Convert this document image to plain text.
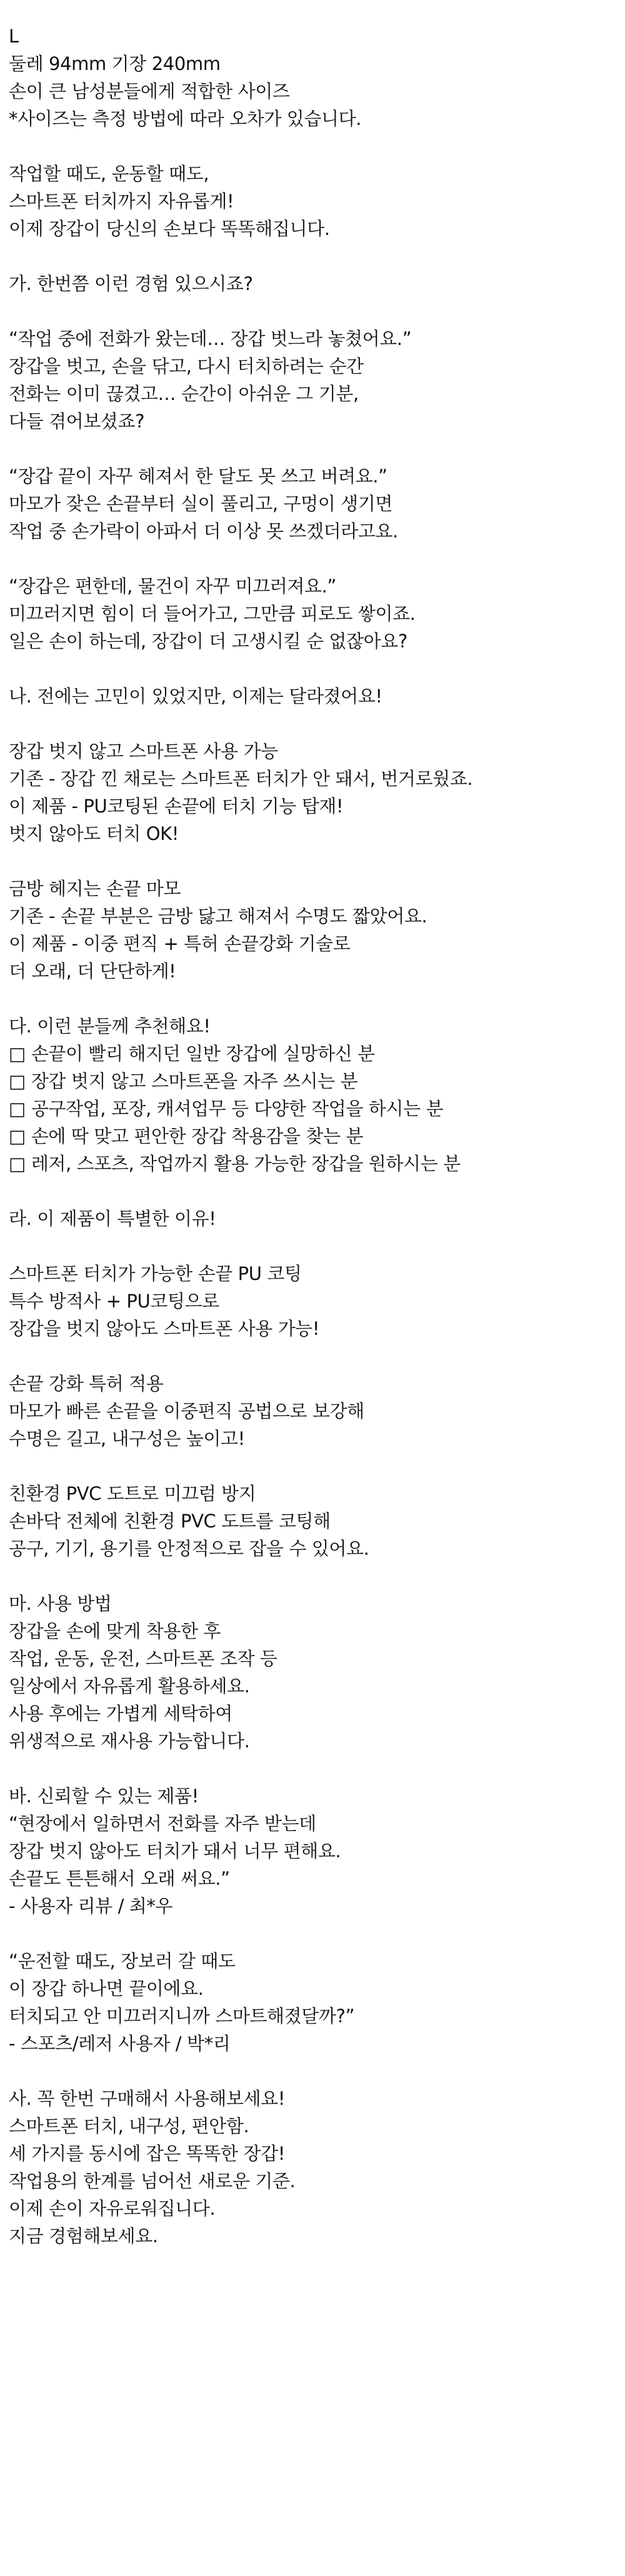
L
둘레 94mm 기장 240mm
손이 큰 남성분들에게 적합한 사이즈
*사이즈는 측정 방법에 따라 오차가 있습니다.
작업할 때도, 운동할 때도,
스마트폰 터치까지 자유롭게!
이제 장갑이 당신의 손보다 똑똑해집니다.
가. 한번쯤 이런 경험 있으시죠?
“작업 중에 전화가 왔는데… 장갑 벗느라 놓쳤어요.”
장갑을 벗고, 손을 닦고, 다시 터치하려는 순간
전화는 이미 끊겼고… 순간이 아쉬운 그 기분,
다들 겪어보셨죠?
“장갑 끝이 자꾸 헤져서 한 달도 못 쓰고 버려요.”
마모가 잦은 손끝부터 실이 풀리고, 구멍이 생기면
작업 중 손가락이 아파서 더 이상 못 쓰겠더라고요.
“장갑은 편한데, 물건이 자꾸 미끄러져요.”
미끄러지면 힘이 더 들어가고, 그만큼 피로도 쌓이죠.
일은 손이 하는데, 장갑이 더 고생시킬 순 없잖아요?
나. 전에는 고민이 있었지만, 이제는 달라졌어요!
장갑 벗지 않고 스마트폰 사용 가능
기존 - 장갑 낀 채로는 스마트폰 터치가 안 돼서, 번거로웠죠.
이 제품 - PU코팅된 손끝에 터치 기능 탑재!
벗지 않아도 터치 OK!
금방 헤지는 손끝 마모
기존 - 손끝 부분은 금방 닳고 해져서 수명도 짧았어요.
이 제품 - 이중 편직 + 특허 손끝강화 기술로
더 오래, 더 단단하게!
다. 이런 분들께 추천해요!
□ 손끝이 빨리 해지던 일반 장갑에 실망하신 분
□ 장갑 벗지 않고 스마트폰을 자주 쓰시는 분
□ 공구작업, 포장, 캐셔업무 등 다양한 작업을 하시는 분
□ 손에 딱 맞고 편안한 장갑 착용감을 찾는 분
□ 레저, 스포츠, 작업까지 활용 가능한 장갑을 원하시는 분
라. 이 제품이 특별한 이유!
스마트폰 터치가 가능한 손끝 PU 코팅
특수 방적사 + PU코팅으로
장갑을 벗지 않아도 스마트폰 사용 가능!
손끝 강화 특허 적용
마모가 빠른 손끝을 이중편직 공법으로 보강해
수명은 길고, 내구성은 높이고!
친환경 PVC 도트로 미끄럼 방지
손바닥 전체에 친환경 PVC 도트를 코팅해
공구, 기기, 용기를 안정적으로 잡을 수 있어요.
마. 사용 방법
장갑을 손에 맞게 착용한 후
작업, 운동, 운전, 스마트폰 조작 등
일상에서 자유롭게 활용하세요.
사용 후에는 가볍게 세탁하여
위생적으로 재사용 가능합니다.
바. 신뢰할 수 있는 제품!
“현장에서 일하면서 전화를 자주 받는데
장갑 벗지 않아도 터치가 돼서 너무 편해요.
손끝도 튼튼해서 오래 써요.”
- 사용자 리뷰 / 최*우
“운전할 때도, 장보러 갈 때도
이 장갑 하나면 끝이에요.
터치되고 안 미끄러지니까 스마트해졌달까?”
- 스포츠/레저 사용자 / 박*리
사. 꼭 한번 구매해서 사용해보세요!
스마트폰 터치, 내구성, 편안함.
세 가지를 동시에 잡은 똑똑한 장갑!
작업용의 한계를 넘어선 새로운 기준.
이제 손이 자유로워집니다.
지금 경험해보세요.
